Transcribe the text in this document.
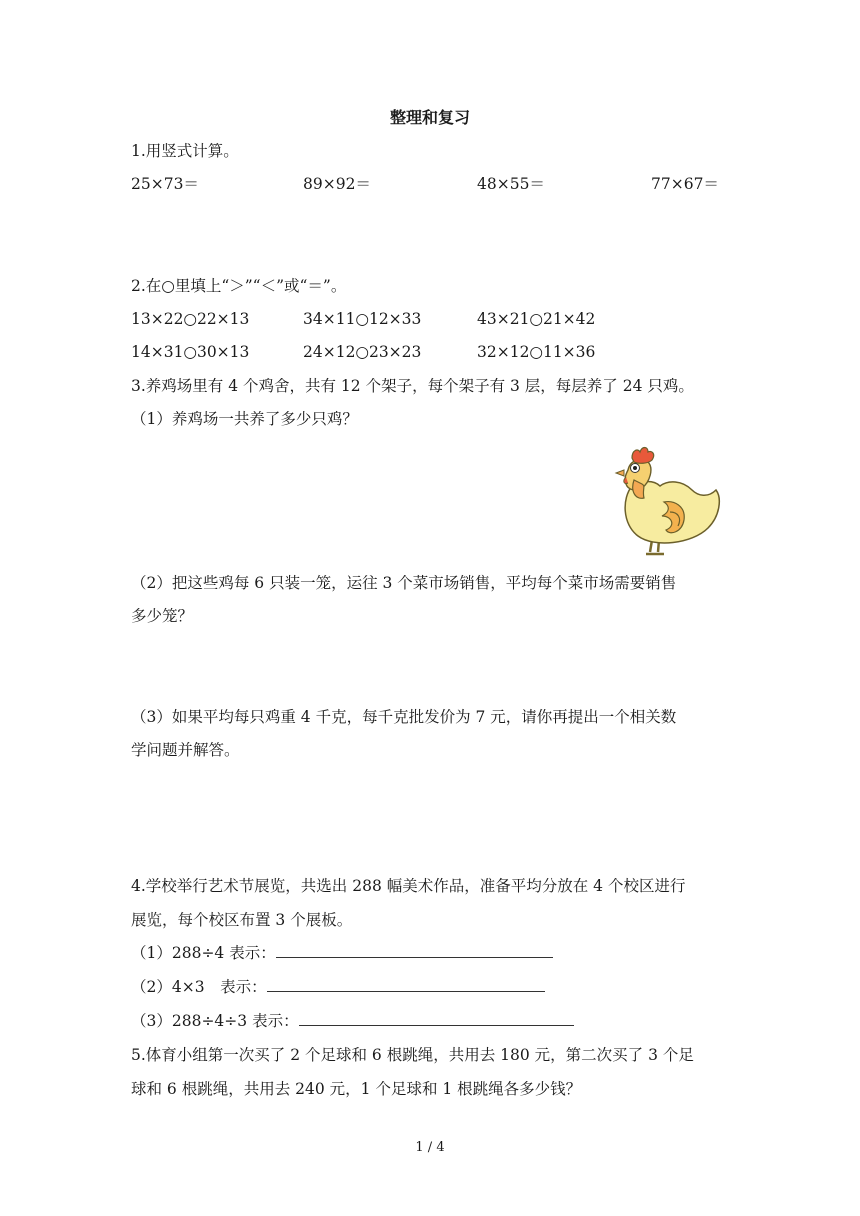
整理和复习
1.用竖式计算。
25×73＝	89×92＝	48×55＝	77×67＝
2.在○里填上“＞”“＜”或“＝”。
13×22○22×13	34×11○12×33	43×21○21×42
14×31○30×13	24×12○23×23	32×12○11×36
3.养鸡场里有 4 个鸡舍，共有 12 个架子，每个架子有 3 层，每层养了 24 只鸡。
（1）养鸡场一共养了多少只鸡？
（2）把这些鸡每 6 只装一笼，运往 3 个菜市场销售，平均每个菜市场需要销售
多少笼？
（3）如果平均每只鸡重 4 千克，每千克批发价为 7 元，请你再提出一个相关数
学问题并解答。
4.学校举行艺术节展览，共选出 288 幅美术作品，准备平均分放在 4 个校区进行
展览，每个校区布置 3 个展板。
（1）288÷4 表示：
（2）4×3　表示：
（3）288÷4÷3 表示：
5.体育小组第一次买了 2 个足球和 6 根跳绳，共用去 180 元，第二次买了 3 个足
球和 6 根跳绳，共用去 240 元，1 个足球和 1 根跳绳各多少钱？
1 / 4
